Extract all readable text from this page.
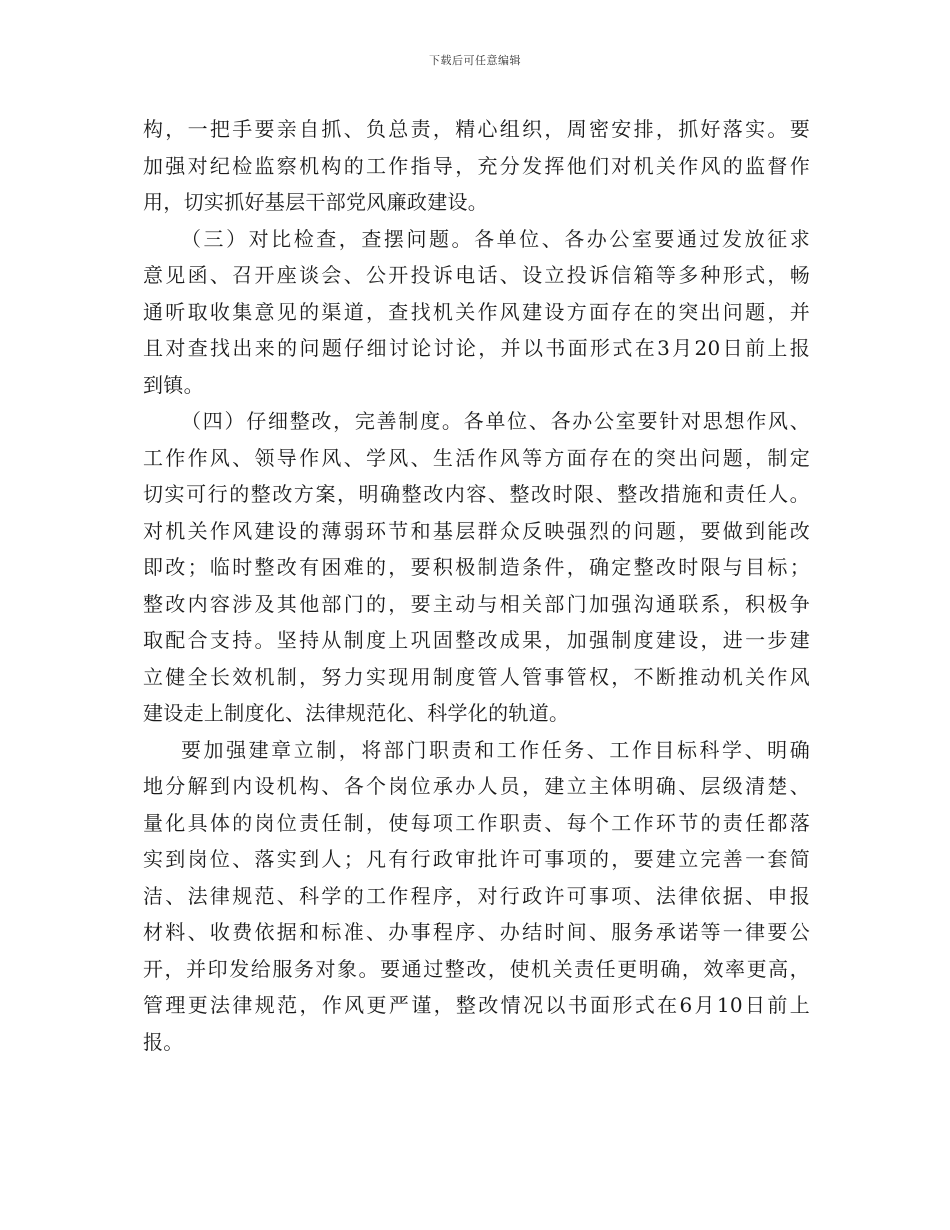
下载后可任意编辑
构，一把手要亲自抓、负总责，精心组织，周密安排，抓好落实。要
加强对纪检监察机构的工作指导，充分发挥他们对机关作风的监督作
用，切实抓好基层干部党风廉政建设。
（三）对比检查，查摆问题。各单位、各办公室要通过发放征求
意见函、召开座谈会、公开投诉电话、设立投诉信箱等多种形式，畅
通听取收集意见的渠道，查找机关作风建设方面存在的突出问题，并
且对查找出来的问题仔细讨论讨论，并以书面形式在3月20日前上报
到镇。
（四）仔细整改，完善制度。各单位、各办公室要针对思想作风、
工作作风、领导作风、学风、生活作风等方面存在的突出问题，制定
切实可行的整改方案，明确整改内容、整改时限、整改措施和责任人。
对机关作风建设的薄弱环节和基层群众反映强烈的问题，要做到能改
即改；临时整改有困难的，要积极制造条件，确定整改时限与目标；
整改内容涉及其他部门的，要主动与相关部门加强沟通联系，积极争
取配合支持。坚持从制度上巩固整改成果，加强制度建设，进一步建
立健全长效机制，努力实现用制度管人管事管权，不断推动机关作风
建设走上制度化、法律规范化、科学化的轨道。
要加强建章立制，将部门职责和工作任务、工作目标科学、明确
地分解到内设机构、各个岗位承办人员，建立主体明确、层级清楚、
量化具体的岗位责任制，使每项工作职责、每个工作环节的责任都落
实到岗位、落实到人；凡有行政审批许可事项的，要建立完善一套简
洁、法律规范、科学的工作程序，对行政许可事项、法律依据、申报
材料、收费依据和标准、办事程序、办结时间、服务承诺等一律要公
开，并印发给服务对象。要通过整改，使机关责任更明确，效率更高，
管理更法律规范，作风更严谨，整改情况以书面形式在6月10日前上
报。
